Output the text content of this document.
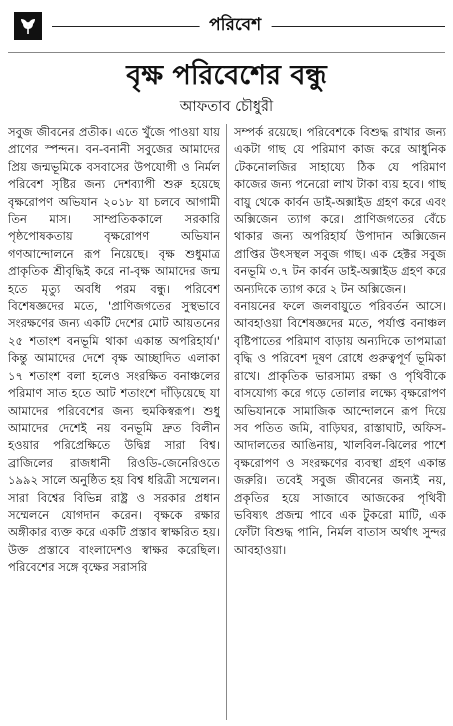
পরিবেশ
বৃক্ষ পরিবেশের বন্ধু
আফতাব চৌধুরী

সবুজ জীবনের প্রতীক। এতে খুঁজে পাওয়া যায় প্রাণের স্পন্দন। বন-বনানী সবুজের আমাদের প্রিয় জন্মভূমিকে বসবাসের উপযোগী ও নির্মল পরিবেশ সৃষ্টির জন্য দেশব্যাপী শুরু হয়েছে বৃক্ষরোপণ অভিযান ২০১৮ যা চলবে আগামী তিন মাস। সাম্প্রতিককালে সরকারি পৃষ্ঠপোষকতায় বৃক্ষরোপণ অভিযান গণআন্দোলনে রূপ নিয়েছে। বৃক্ষ শুধুমাত্র প্রাকৃতিক শ্রীবৃদ্ধিই করে না-বৃক্ষ আমাদের জন্ম হতে মৃত্যু অবধি পরম বন্ধু। পরিবেশ বিশেষজ্ঞদের মতে, 'প্রাণিজগতের সুস্থভাবে সংরক্ষণের জন্য একটি দেশের মোট আয়তনের ২৫ শতাংশ বনভূমি থাকা একান্ত অপরিহার্য।' কিন্তু আমাদের দেশে বৃক্ষ আচ্ছাদিত এলাকা ১৭ শতাংশ বলা হলেও সংরক্ষিত বনাঞ্চলের পরিমাণ সাত হতে আট শতাংশে দাঁড়িয়েছে যা আমাদের পরিবেশের জন্য হুমকিস্বরূপ। শুধু আমাদের দেশেই নয় বনভূমি দ্রুত বিলীন হওয়ার পরিপ্রেক্ষিতে উদ্বিগ্ন সারা বিশ্ব। ব্রাজিলের রাজধানী রিওডি-জেনেরিওতে ১৯৯২ সালে অনুষ্ঠিত হয় বিশ্ব ধরিত্রী সম্মেলন। সারা বিশ্বের বিভিন্ন রাষ্ট্র ও সরকার প্রধান সম্মেলনে যোগদান করেন। বৃক্ষকে রক্ষার অঙ্গীকার ব্যক্ত করে একটি প্রস্তাব স্বাক্ষরিত হয়। উক্ত প্রস্তাবে বাংলাদেশও স্বাক্ষর করেছিল। পরিবেশের সঙ্গে বৃক্ষের সরাসরি

সম্পর্ক রয়েছে। পরিবেশকে বিশুদ্ধ রাখার জন্য একটা গাছ যে পরিমাণ কাজ করে আধুনিক টেকনোলজির সাহায্যে ঠিক যে পরিমাণ কাজের জন্য পনেরো লাখ টাকা ব্যয় হবে। গাছ বায়ু থেকে কার্বন ডাই-অক্সাইড গ্রহণ করে এবং অক্সিজেন ত্যাগ করে। প্রাণিজগতের বেঁচে থাকার জন্য অপরিহার্য উপাদান অক্সিজেন প্রাপ্তির উৎসস্থল সবুজ গাছ। এক হেক্টর সবুজ বনভূমি ৩.৭ টন কার্বন ডাই-অক্সাইড গ্রহণ করে অন্যদিকে ত্যাগ করে ২ টন অক্সিজেন।

বনায়নের ফলে জলবায়ুতে পরিবর্তন আসে। আবহাওয়া বিশেষজ্ঞদের মতে, পর্যাপ্ত বনাঞ্চল বৃষ্টিপাতের পরিমাণ বাড়ায় অন্যদিকে তাপমাত্রা বৃদ্ধি ও পরিবেশ দূষণ রোধে গুরুত্বপূর্ণ ভূমিকা রাখে। প্রাকৃতিক ভারসাম্য রক্ষা ও পৃথিবীকে বাসযোগ্য করে গড়ে তোলার লক্ষ্যে বৃক্ষরোপণ অভিযানকে সামাজিক আন্দোলনে রূপ দিয়ে সব পতিত জমি, বাড়িঘর, রাস্তাঘাট, অফিস-আদালতের আঙিনায়, খালবিল-ঝিলের পাশে বৃক্ষরোপণ ও সংরক্ষণের ব্যবস্থা গ্রহণ একান্ত জরুরি। তবেই সবুজ জীবনের জন্যই নয়, প্রকৃতির হয়ে সাজাবে আজকের পৃথিবী ভবিষ্যৎ প্রজন্ম পাবে এক টুকরো মাটি, এক ফোঁটা বিশুদ্ধ পানি, নির্মল বাতাস অর্থাৎ সুন্দর আবহাওয়া।
